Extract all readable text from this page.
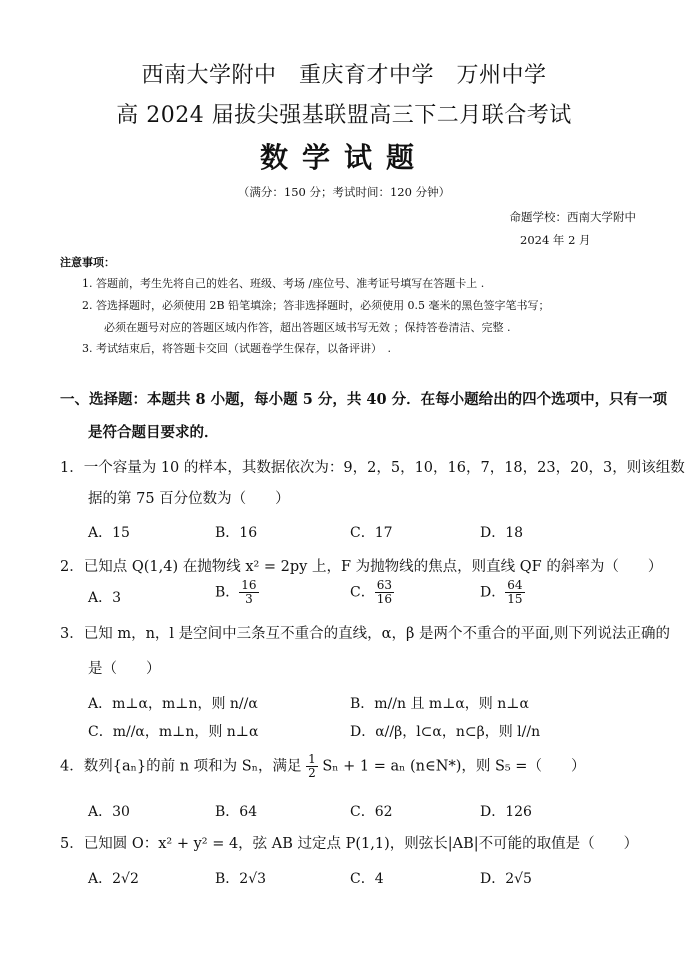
西南大学附中　重庆育才中学　万州中学
高 2024 届拔尖强基联盟高三下二月联合考试
数学试题
（满分：150 分；考试时间：120 分钟）
命题学校：西南大学附中
2024 年 2 月
注意事项：
1. 答题前，考生先将自己的姓名、班级、考场 /座位号、准考证号填写在答题卡上 .
2. 答选择题时，必须使用 2B 铅笔填涂；答非选择题时，必须使用 0.5 毫米的黑色签字笔书写；
必须在题号对应的答题区域内作答，超出答题区域书写无效 ；保持答卷清洁、完整 .
3. 考试结束后，将答题卡交回（试题卷学生保存，以备评讲）　.
一、选择题：本题共 8 小题，每小题 5 分，共 40 分．在每小题给出的四个选项中，只有一项
是符合题目要求的．
1．一个容量为 10 的样本，其数据依次为：9，2，5，10，16，7，18，23，20，3，则该组数
据的第 75 百分位数为（　　）
A．15	B．16	C．17	D．18
2．已知点 Q(1,4) 在抛物线 x² = 2py 上，F 为抛物线的焦点，则直线 QF 的斜率为（　　）
A．3	B． $\frac{16}{3}$	C． $\frac{63}{16}$	D． $\frac{64}{15}$
3．已知 m，n，l 是空间中三条互不重合的直线，α，β 是两个不重合的平面,则下列说法正确的
是（　　）
A．m⊥α，m⊥n，则 n//α	B．m//n 且 m⊥α，则 n⊥α
C．m//α，m⊥n，则 n⊥α	D．α//β，l⊂α，n⊂β，则 l//n
4．数列{aₙ}的前 n 项和为 Sₙ，满足 $\frac{1}{2}$ Sₙ + 1 = aₙ (n∈N*)，则 S₅ =（　　）
A．30	B．64	C．62	D．126
5．已知圆 O：x² + y² = 4，弦 AB 过定点 P(1,1)，则弦长|AB|不可能的取值是（　　）
A．2√2	B．2√3	C．4	D．2√5
